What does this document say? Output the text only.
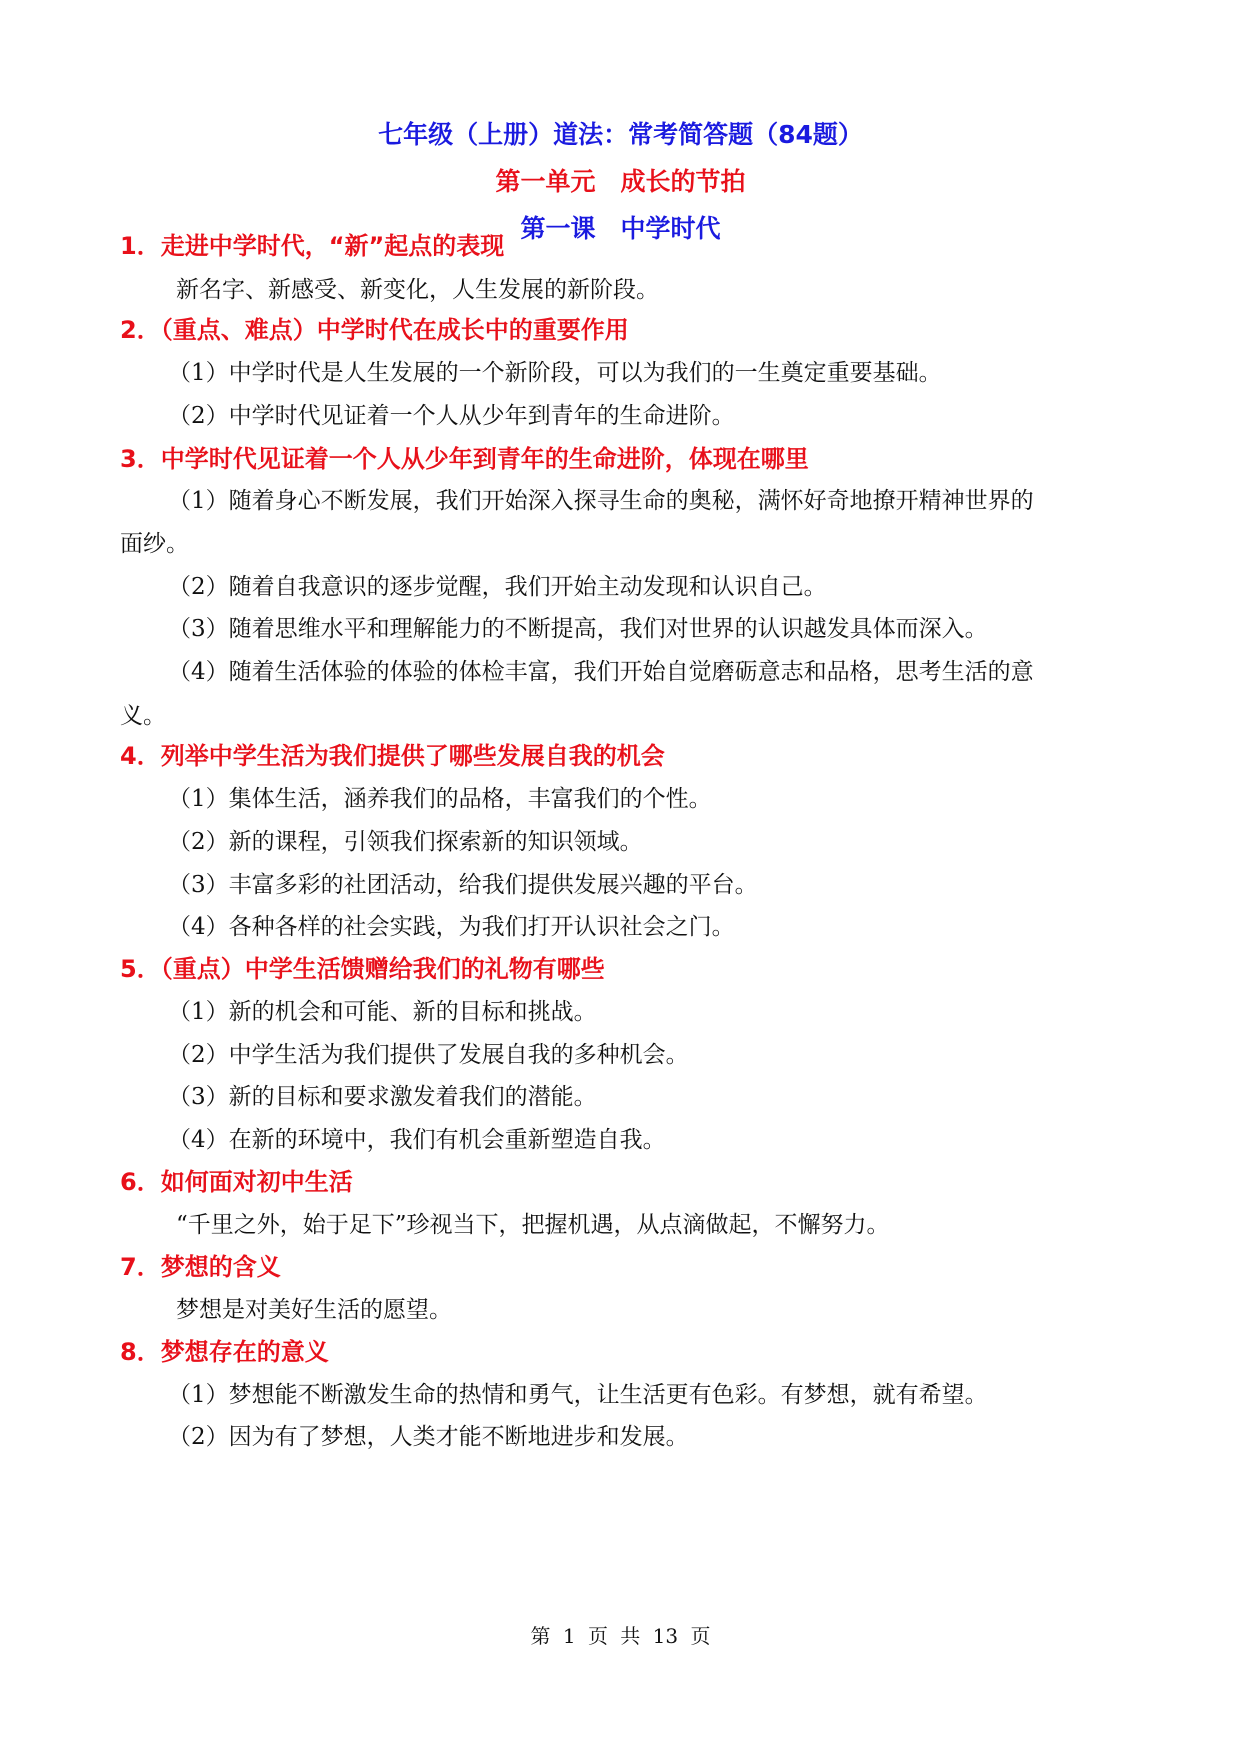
七年级（上册）道法：常考简答题（84题）
第一单元　成长的节拍
第一课　中学时代
1．走进中学时代，“新”起点的表现
新名字、新感受、新变化，人生发展的新阶段。
2．（重点、难点）中学时代在成长中的重要作用
（1）中学时代是人生发展的一个新阶段，可以为我们的一生奠定重要基础。
（2）中学时代见证着一个人从少年到青年的生命进阶。
3．中学时代见证着一个人从少年到青年的生命进阶，体现在哪里
（1）随着身心不断发展，我们开始深入探寻生命的奥秘，满怀好奇地撩开精神世界的
面纱。
（2）随着自我意识的逐步觉醒，我们开始主动发现和认识自己。
（3）随着思维水平和理解能力的不断提高，我们对世界的认识越发具体而深入。
（4）随着生活体验的体验的体检丰富，我们开始自觉磨砺意志和品格，思考生活的意
义。
4．列举中学生活为我们提供了哪些发展自我的机会
（1）集体生活，涵养我们的品格，丰富我们的个性。
（2）新的课程，引领我们探索新的知识领域。
（3）丰富多彩的社团活动，给我们提供发展兴趣的平台。
（4）各种各样的社会实践，为我们打开认识社会之门。
5．（重点）中学生活馈赠给我们的礼物有哪些
（1）新的机会和可能、新的目标和挑战。
（2）中学生活为我们提供了发展自我的多种机会。
（3）新的目标和要求激发着我们的潜能。
（4）在新的环境中，我们有机会重新塑造自我。
6．如何面对初中生活
“千里之外，始于足下”珍视当下，把握机遇，从点滴做起，不懈努力。
7．梦想的含义
梦想是对美好生活的愿望。
8．梦想存在的意义
（1）梦想能不断激发生命的热情和勇气，让生活更有色彩。有梦想，就有希望。
（2）因为有了梦想，人类才能不断地进步和发展。
第 1 页 共 13 页
